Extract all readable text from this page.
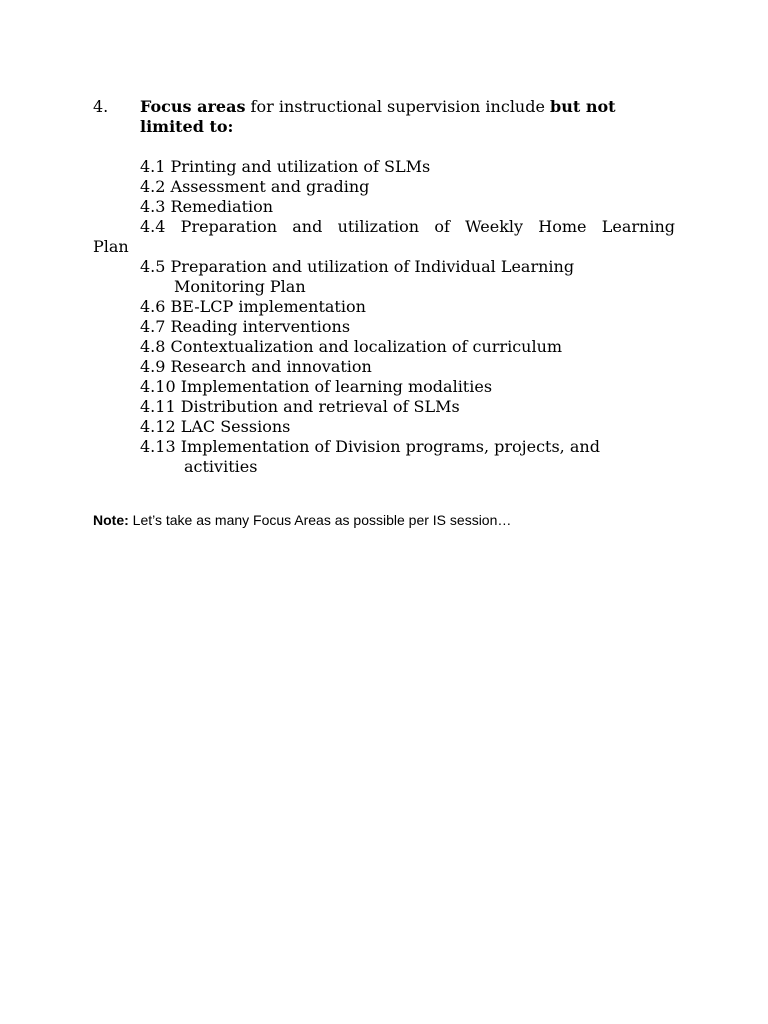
4. Focus areas for instructional supervision include but not limited to:
4.1 Printing and utilization of SLMs
4.2 Assessment and grading
4.3 Remediation
4.4 Preparation and utilization of Weekly Home Learning
Plan
4.5 Preparation and utilization of Individual Learning
Monitoring Plan
4.6 BE-LCP implementation
4.7 Reading interventions
4.8 Contextualization and localization of curriculum
4.9 Research and innovation
4.10 Implementation of learning modalities
4.11 Distribution and retrieval of SLMs
4.12 LAC Sessions
4.13 Implementation of Division programs, projects, and
activities
Note: Let’s take as many Focus Areas as possible per IS session…
